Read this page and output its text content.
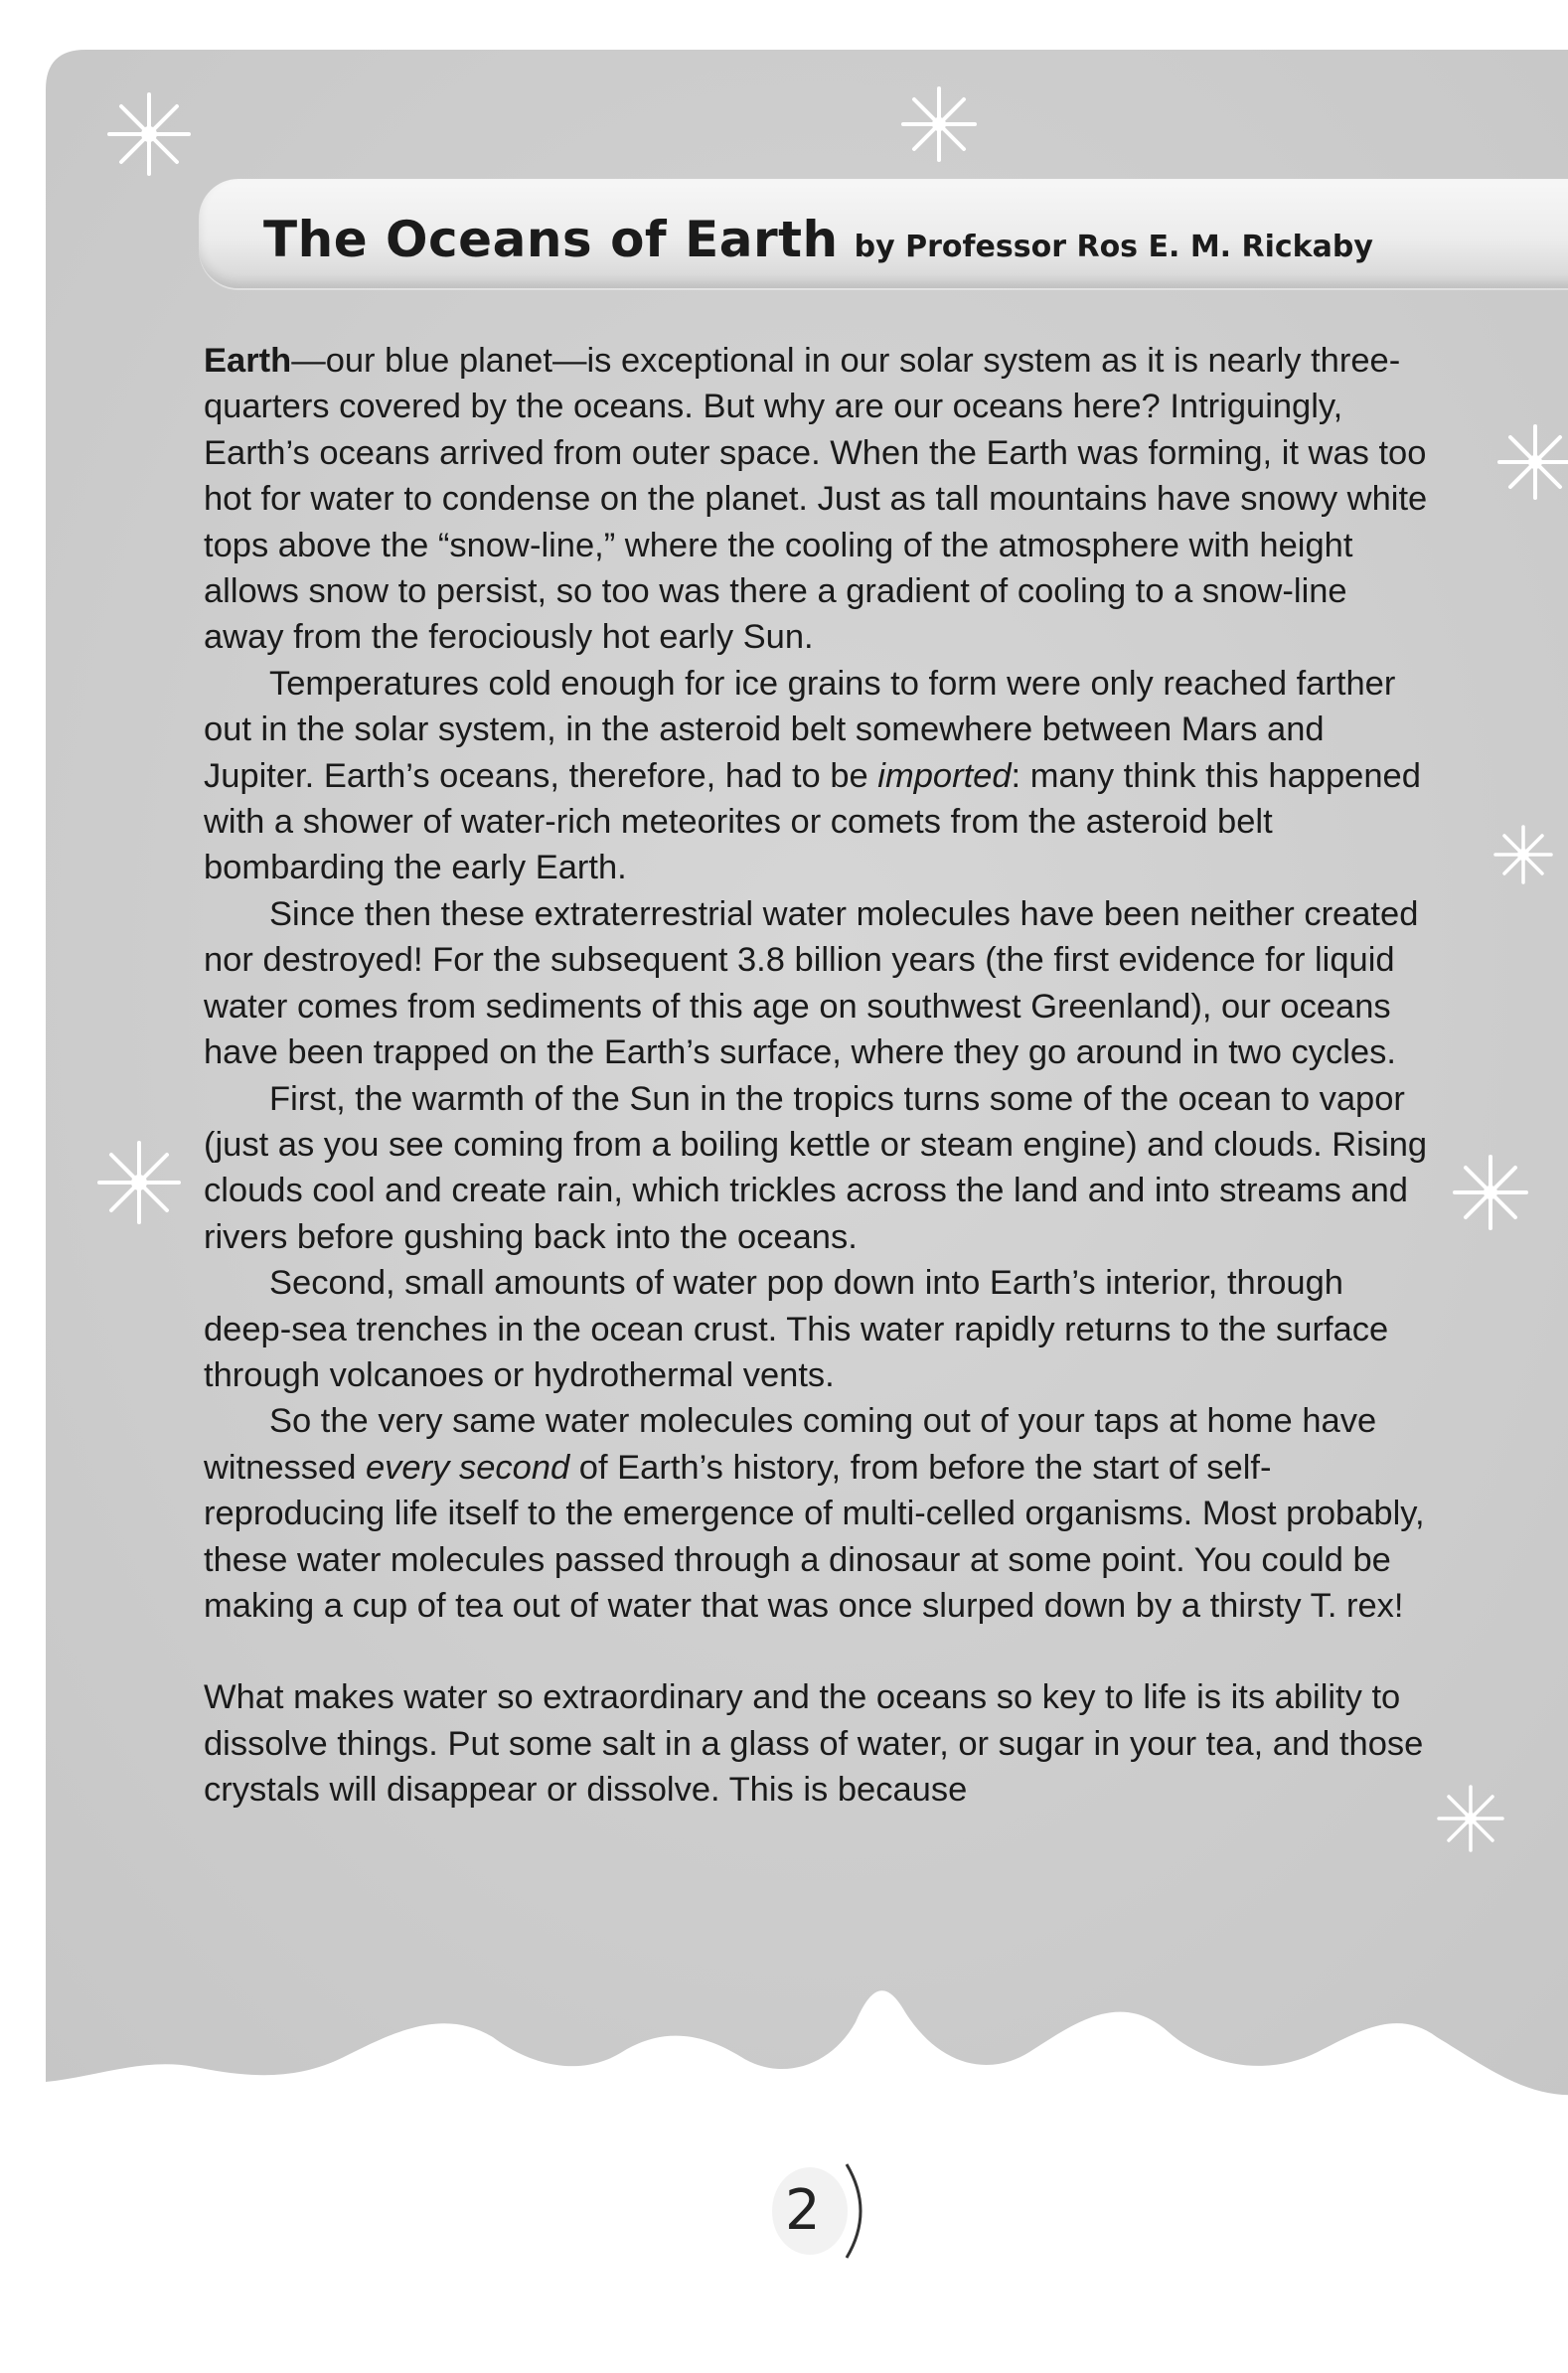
The Oceans of Earth by Professor Ros E. M. Rickaby

Earth—our blue planet—is exceptional in our solar system as it is nearly three-quarters covered by the oceans. But why are our oceans here? Intriguingly, Earth’s oceans arrived from outer space. When the Earth was forming, it was too hot for water to condense on the planet. Just as tall mountains have snowy white tops above the “snow-line,” where the cooling of the atmosphere with height allows snow to persist, so too was there a gradient of cooling to a snow-line away from the ferociously hot early Sun.

Temperatures cold enough for ice grains to form were only reached farther out in the solar system, in the asteroid belt somewhere between Mars and Jupiter. Earth’s oceans, therefore, had to be imported: many think this happened with a shower of water-rich meteorites or comets from the asteroid belt bombarding the early Earth.

Since then these extraterrestrial water molecules have been neither created nor destroyed! For the subsequent 3.8 billion years (the first evidence for liquid water comes from sediments of this age on southwest Greenland), our oceans have been trapped on the Earth’s surface, where they go around in two cycles.

First, the warmth of the Sun in the tropics turns some of the ocean to vapor (just as you see coming from a boiling kettle or steam engine) and clouds. Rising clouds cool and create rain, which trickles across the land and into streams and rivers before gushing back into the oceans.

Second, small amounts of water pop down into Earth’s interior, through deep-sea trenches in the ocean crust. This water rapidly returns to the surface through volcanoes or hydrothermal vents.

So the very same water molecules coming out of your taps at home have witnessed every second of Earth’s history, from before the start of self-reproducing life itself to the emergence of multi-celled organisms. Most probably, these water molecules passed through a dinosaur at some point. You could be making a cup of tea out of water that was once slurped down by a thirsty T. rex!

What makes water so extraordinary and the oceans so key to life is its ability to dissolve things. Put some salt in a glass of water, or sugar in your tea, and those crystals will disappear or dissolve. This is because

2
